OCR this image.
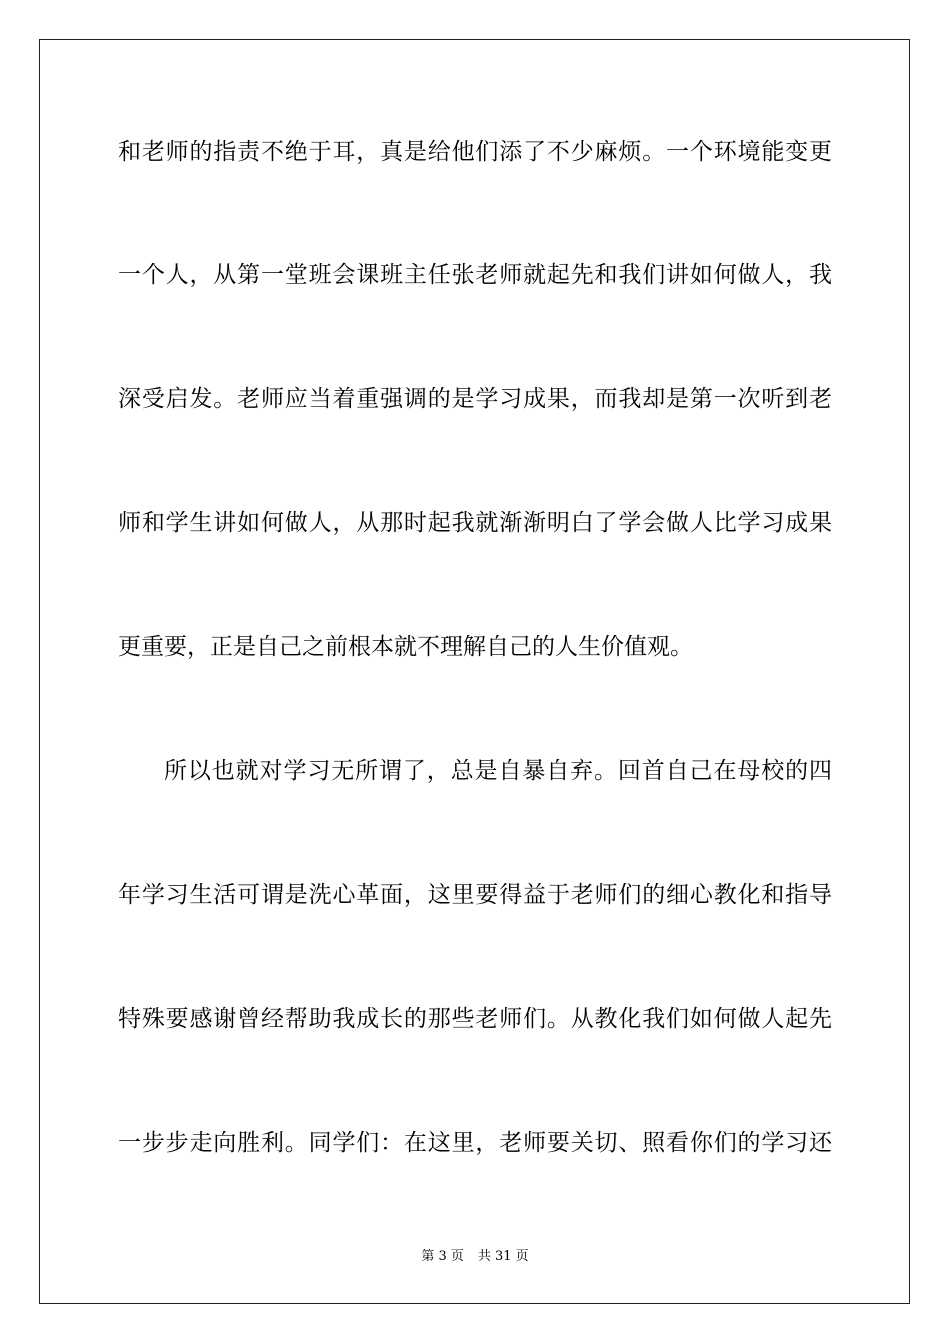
和老师的指责不绝于耳，真是给他们添了不少麻烦。一个环境能变更
一个人，从第一堂班会课班主任张老师就起先和我们讲如何做人，我
深受启发。老师应当着重强调的是学习成果，而我却是第一次听到老
师和学生讲如何做人，从那时起我就渐渐明白了学会做人比学习成果
更重要，正是自己之前根本就不理解自己的人生价值观。
所以也就对学习无所谓了，总是自暴自弃。回首自己在母校的四
年学习生活可谓是洗心革面，这里要得益于老师们的细心教化和指导
特殊要感谢曾经帮助我成长的那些老师们。从教化我们如何做人起先
一步步走向胜利。同学们：在这里，老师要关切、照看你们的学习还
第 3 页 共 31 页
